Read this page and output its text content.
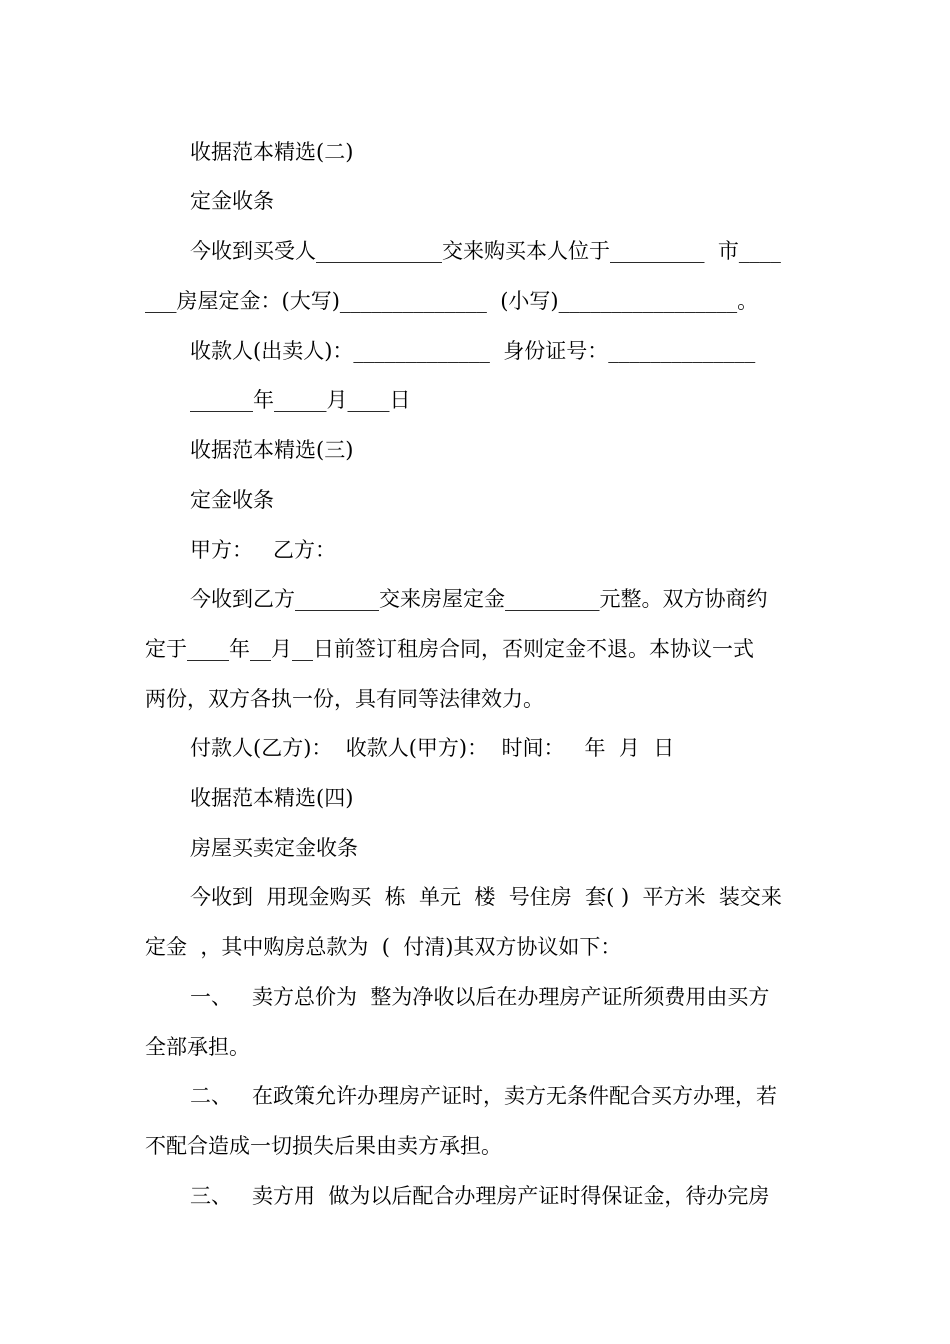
收据范本精选(二)
定金收条
今收到买受人____________交来购买本人位于_________  市____
___房屋定金：(大写)______________  (小写)_________________。
收款人(出卖人)：_____________  身份证号：______________
______年_____月____日
收据范本精选(三)
定金收条
甲方：   乙方：
今收到乙方________交来房屋定金_________元整。双方协商约
定于____年__月__日前签订租房合同，否则定金不退。本协议一式
两份，双方各执一份，具有同等法律效力。
付款人(乙方)：  收款人(甲方)：  时间：   年  月  日
收据范本精选(四)
房屋买卖定金收条
今收到  用现金购买  栋  单元  楼  号住房  套( )  平方米  装交来
定金  ，其中购房总款为  (  付清)其双方协议如下：
一、   卖方总价为  整为净收以后在办理房产证所须费用由买方
全部承担。
二、   在政策允许办理房产证时，卖方无条件配合买方办理，若
不配合造成一切损失后果由卖方承担。
三、   卖方用  做为以后配合办理房产证时得保证金，待办完房
